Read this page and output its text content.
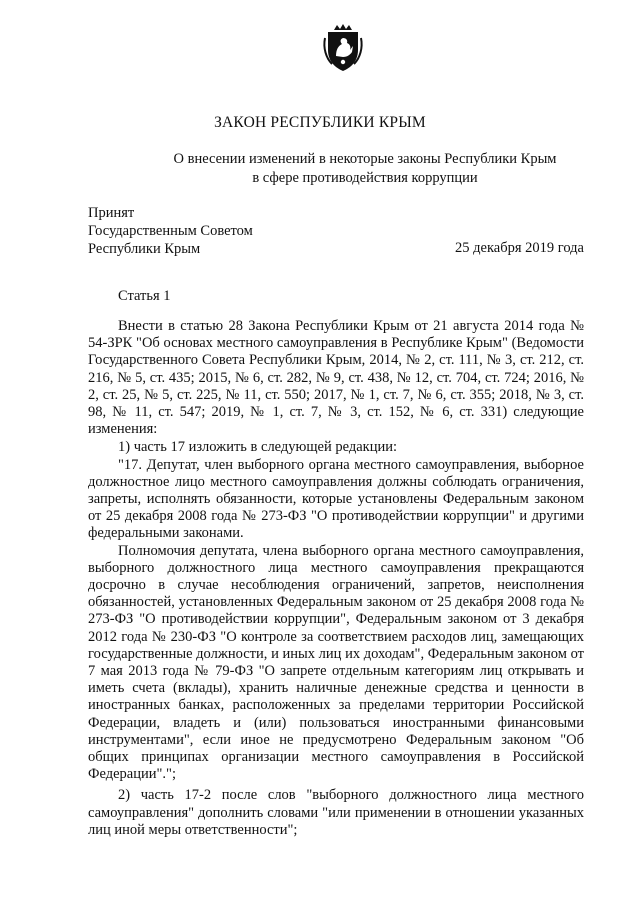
ЗАКОН РЕСПУБЛИКИ КРЫМ
О внесении изменений в некоторые законы Республики Крым
в сфере противодействия коррупции
Принят
Государственным Советом
Республики Крым	25 декабря 2019 года
Статья 1

Внести в статью 28 Закона Республики Крым от 21 августа 2014 года № 54-ЗРК "Об основах местного самоуправления в Республике Крым" (Ведомости Государственного Совета Республики Крым, 2014, № 2, ст. 111, № 3, ст. 212, ст. 216, № 5, ст. 435; 2015, № 6, ст. 282, № 9, ст. 438, № 12, ст. 704, ст. 724; 2016, № 2, ст. 25, № 5, ст. 225, № 11, ст. 550; 2017, № 1, ст. 7, № 6, ст. 355; 2018, № 3, ст. 98, № 11, ст. 547; 2019, № 1, ст. 7, № 3, ст. 152, № 6, ст. 331) следующие изменения:

1) часть 17 изложить в следующей редакции:

"17. Депутат, член выборного органа местного самоуправления, выборное должностное лицо местного самоуправления должны соблюдать ограничения, запреты, исполнять обязанности, которые установлены Федеральным законом от 25 декабря 2008 года № 273-ФЗ "О противодействии коррупции" и другими федеральными законами.

Полномочия депутата, члена выборного органа местного самоуправления, выборного должностного лица местного самоуправления прекращаются досрочно в случае несоблюдения ограничений, запретов, неисполнения обязанностей, установленных Федеральным законом от 25 декабря 2008 года № 273-ФЗ "О противодействии коррупции", Федеральным законом от 3 декабря 2012 года № 230-ФЗ "О контроле за соответствием расходов лиц, замещающих государственные должности, и иных лиц их доходам", Федеральным законом от 7 мая 2013 года № 79-ФЗ "О запрете отдельным категориям лиц открывать и иметь счета (вклады), хранить наличные денежные средства и ценности в иностранных банках, расположенных за пределами территории Российской Федерации, владеть и (или) пользоваться иностранными финансовыми инструментами", если иное не предусмотрено Федеральным законом "Об общих принципах организации местного самоуправления в Российской Федерации".";

2) часть 17-2 после слов "выборного должностного лица местного самоуправления" дополнить словами "или применении в отношении указанных лиц иной меры ответственности";
